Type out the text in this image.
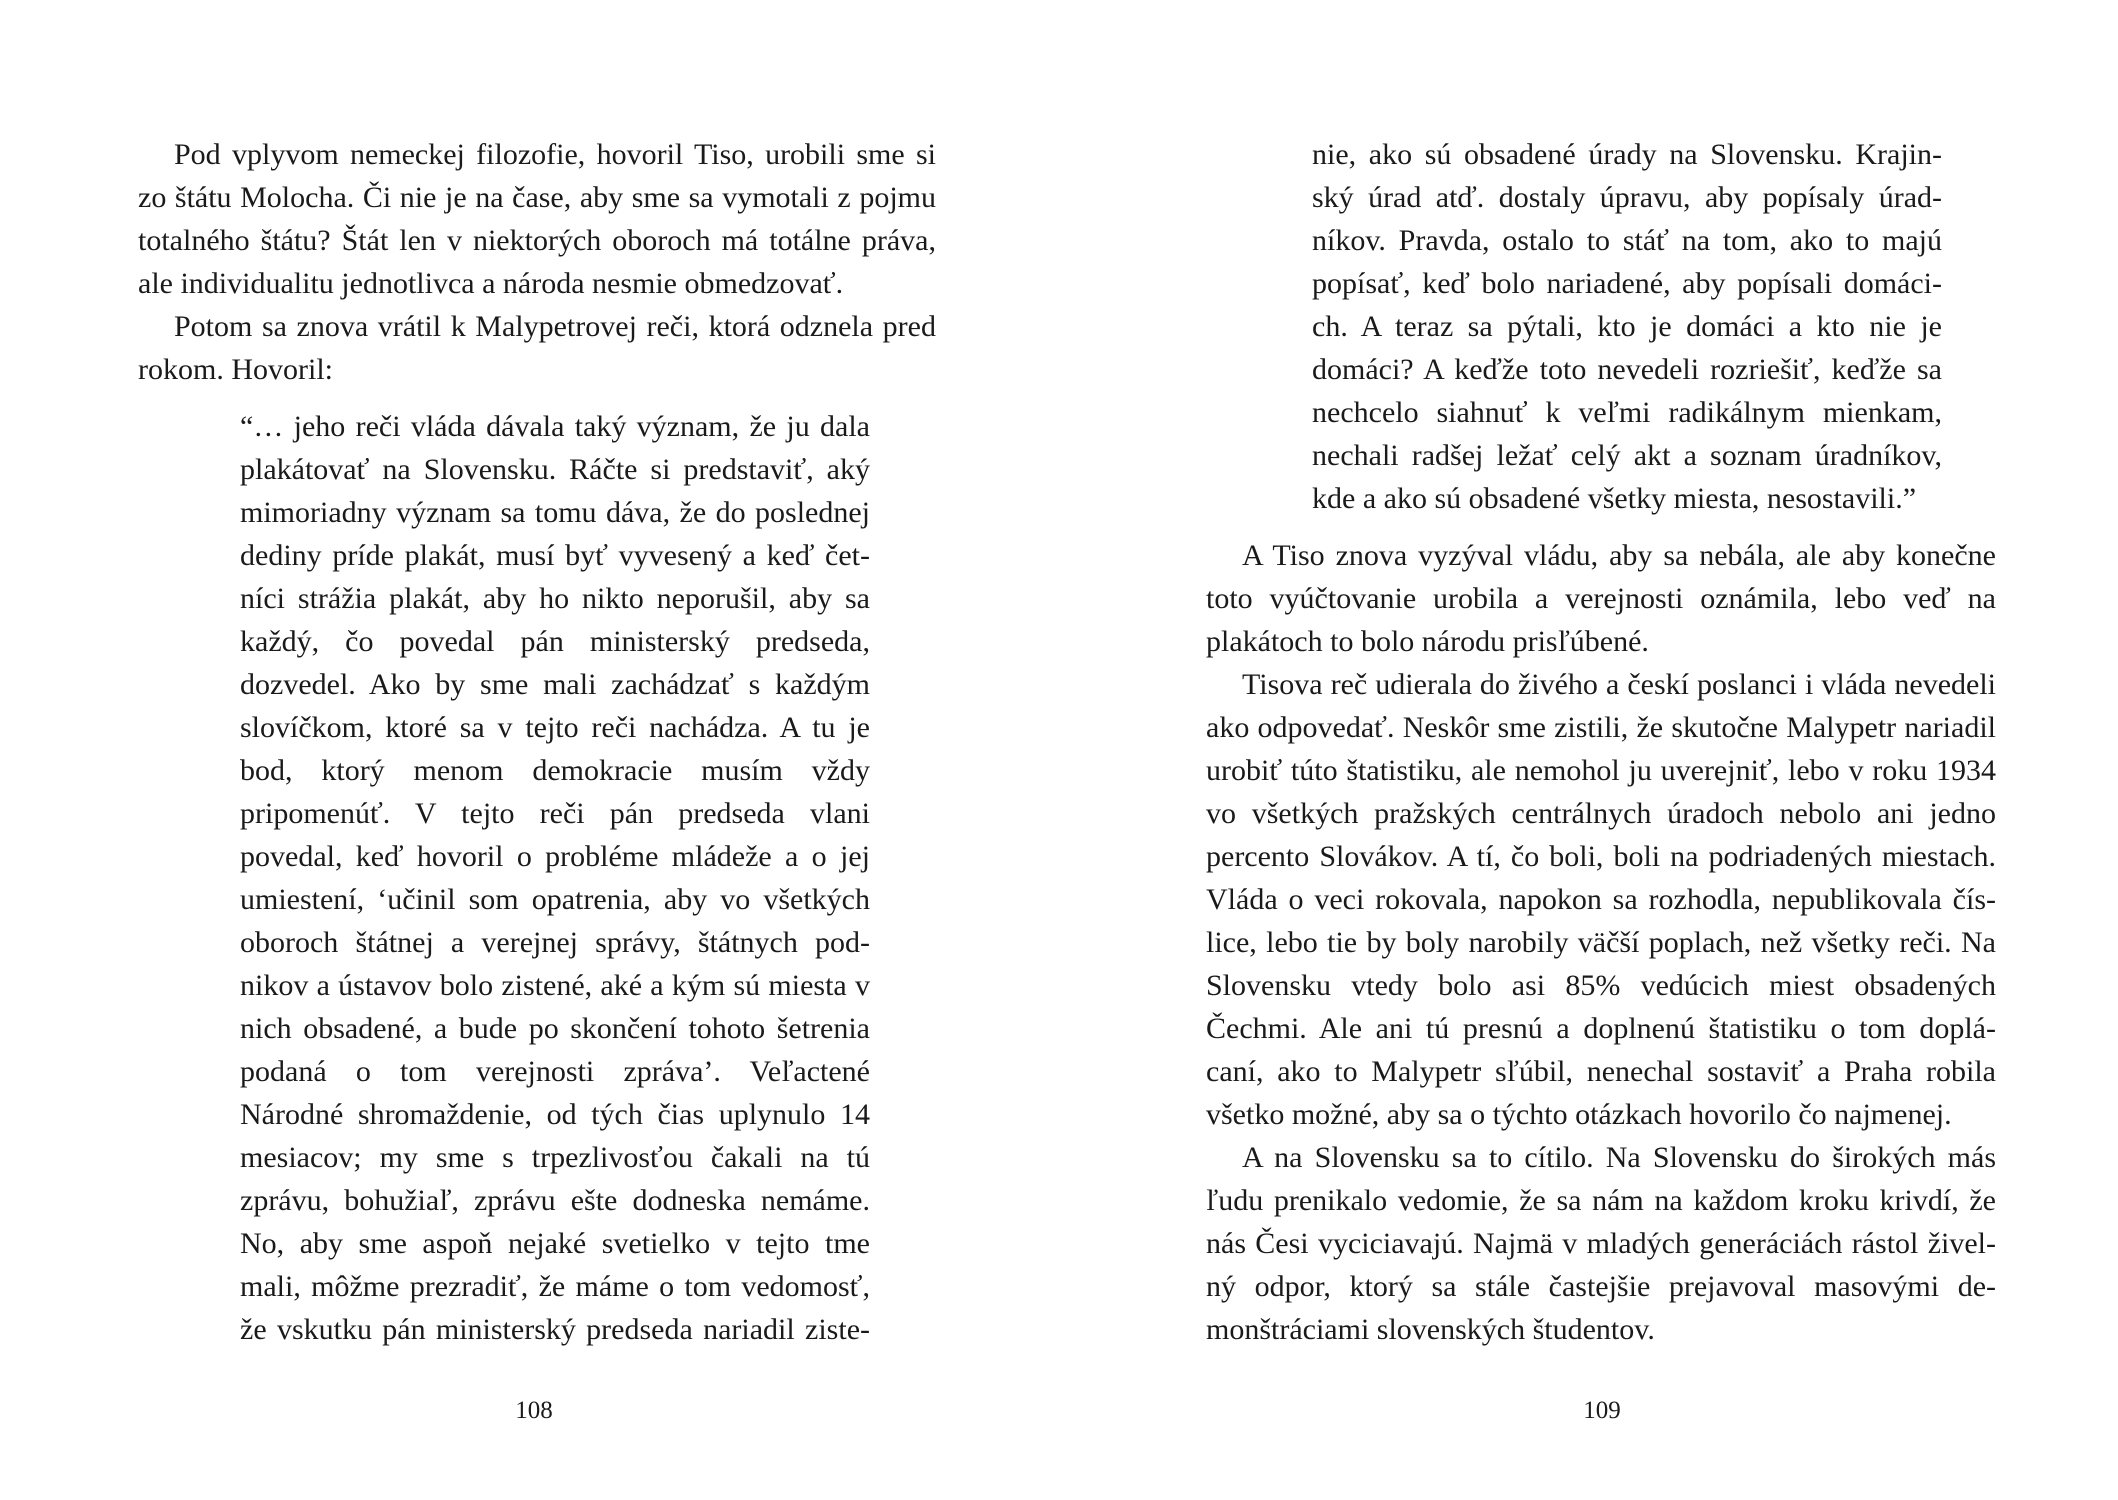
Pod vplyvom nemeckej filozofie, hovoril Tiso, urobili sme si
zo štátu Molocha. Či nie je na čase, aby sme sa vymotali z pojmu
totalného štátu? Štát len v niektorých oboroch má totálne práva,
ale individualitu jednotlivca a národa nesmie obmedzovať.
Potom sa znova vrátil k Malypetrovej reči, ktorá odznela pred
rokom. Hovoril:
“… jeho reči vláda dávala taký význam, že ju dala
plakátovať na Slovensku. Ráčte si predstaviť, aký
mimoriadny význam sa tomu dáva, že do poslednej
dediny príde plakát, musí byť vyvesený a keď čet-
níci strážia plakát, aby ho nikto neporušil, aby sa
každý, čo povedal pán ministerský predseda,
dozvedel. Ako by sme mali zachádzať s každým
slovíčkom, ktoré sa v tejto reči nachádza. A tu je
bod, ktorý menom demokracie musím vždy
pripomenúť. V tejto reči pán predseda vlani
povedal, keď hovoril o probléme mládeže a o jej
umiestení, ‘učinil som opatrenia, aby vo všetkých
oboroch štátnej a verejnej správy, štátnych pod-
nikov a ústavov bolo zistené, aké a kým sú miesta v
nich obsadené, a bude po skončení tohoto šetrenia
podaná o tom verejnosti zpráva’. Veľactené
Národné shromaždenie, od tých čias uplynulo 14
mesiacov; my sme s trpezlivosťou čakali na tú
zprávu, bohužiaľ, zprávu ešte dodneska nemáme.
No, aby sme aspoň nejaké svetielko v tejto tme
mali, môžme prezradiť, že máme o tom vedomosť,
že vskutku pán ministerský predseda nariadil ziste-
108
nie, ako sú obsadené úrady na Slovensku. Krajin-
ský úrad atď. dostaly úpravu, aby popísaly úrad-
níkov. Pravda, ostalo to stáť na tom, ako to majú
popísať, keď bolo nariadené, aby popísali domáci-
ch. A teraz sa pýtali, kto je domáci a kto nie je
domáci? A keďže toto nevedeli rozriešiť, keďže sa
nechcelo siahnuť k veľmi radikálnym mienkam,
nechali radšej ležať celý akt a soznam úradníkov,
kde a ako sú obsadené všetky miesta, nesostavili.”
A Tiso znova vyzýval vládu, aby sa nebála, ale aby konečne
toto vyúčtovanie urobila a verejnosti oznámila, lebo veď na
plakátoch to bolo národu prisľúbené.
Tisova reč udierala do živého a českí poslanci i vláda nevedeli
ako odpovedať. Neskôr sme zistili, že skutočne Malypetr nariadil
urobiť túto štatistiku, ale nemohol ju uverejniť, lebo v roku 1934
vo všetkých pražských centrálnych úradoch nebolo ani jedno
percento Slovákov. A tí, čo boli, boli na podriadených miestach.
Vláda o veci rokovala, napokon sa rozhodla, nepublikovala čís-
lice, lebo tie by boly narobily väčší poplach, než všetky reči. Na
Slovensku vtedy bolo asi 85% vedúcich miest obsadených
Čechmi. Ale ani tú presnú a doplnenú štatistiku o tom doplá-
caní, ako to Malypetr sľúbil, nenechal sostaviť a Praha robila
všetko možné, aby sa o týchto otázkach hovorilo čo najmenej.
A na Slovensku sa to cítilo. Na Slovensku do širokých más
ľudu prenikalo vedomie, že sa nám na každom kroku krivdí, že
nás Česi vyciciavajú. Najmä v mladých generáciách rástol živel-
ný odpor, ktorý sa stále častejšie prejavoval masovými de-
monštráciami slovenských študentov.
109
